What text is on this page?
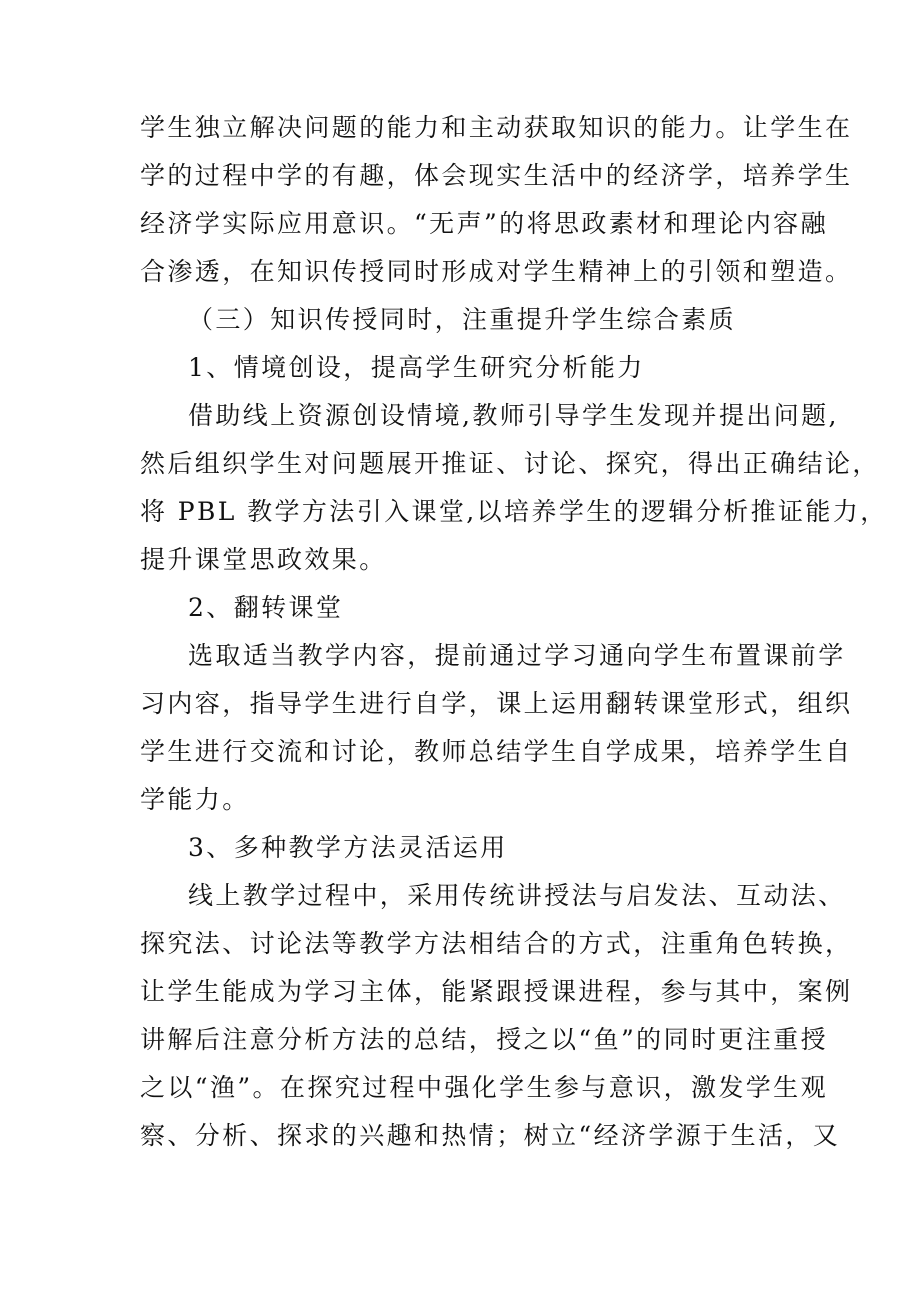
学生独立解决问题的能力和主动获取知识的能力。让学生在
学的过程中学的有趣，体会现实生活中的经济学，培养学生
经济学实际应用意识。“无声”的将思政素材和理论内容融
合渗透，在知识传授同时形成对学生精神上的引领和塑造。
（三）知识传授同时，注重提升学生综合素质
1、情境创设，提高学生研究分析能力
借助线上资源创设情境,教师引导学生发现并提出问题,
然后组织学生对问题展开推证、讨论、探究，得出正确结论，
将 PBL 教学方法引入课堂,以培养学生的逻辑分析推证能力，
提升课堂思政效果。
2、翻转课堂
选取适当教学内容，提前通过学习通向学生布置课前学
习内容，指导学生进行自学，课上运用翻转课堂形式，组织
学生进行交流和讨论，教师总结学生自学成果，培养学生自
学能力。
3、多种教学方法灵活运用
线上教学过程中，采用传统讲授法与启发法、互动法、
探究法、讨论法等教学方法相结合的方式，注重角色转换，
让学生能成为学习主体，能紧跟授课进程，参与其中，案例
讲解后注意分析方法的总结，授之以“鱼”的同时更注重授
之以“渔”。在探究过程中强化学生参与意识，激发学生观
察、分析、探求的兴趣和热情；树立“经济学源于生活，又
